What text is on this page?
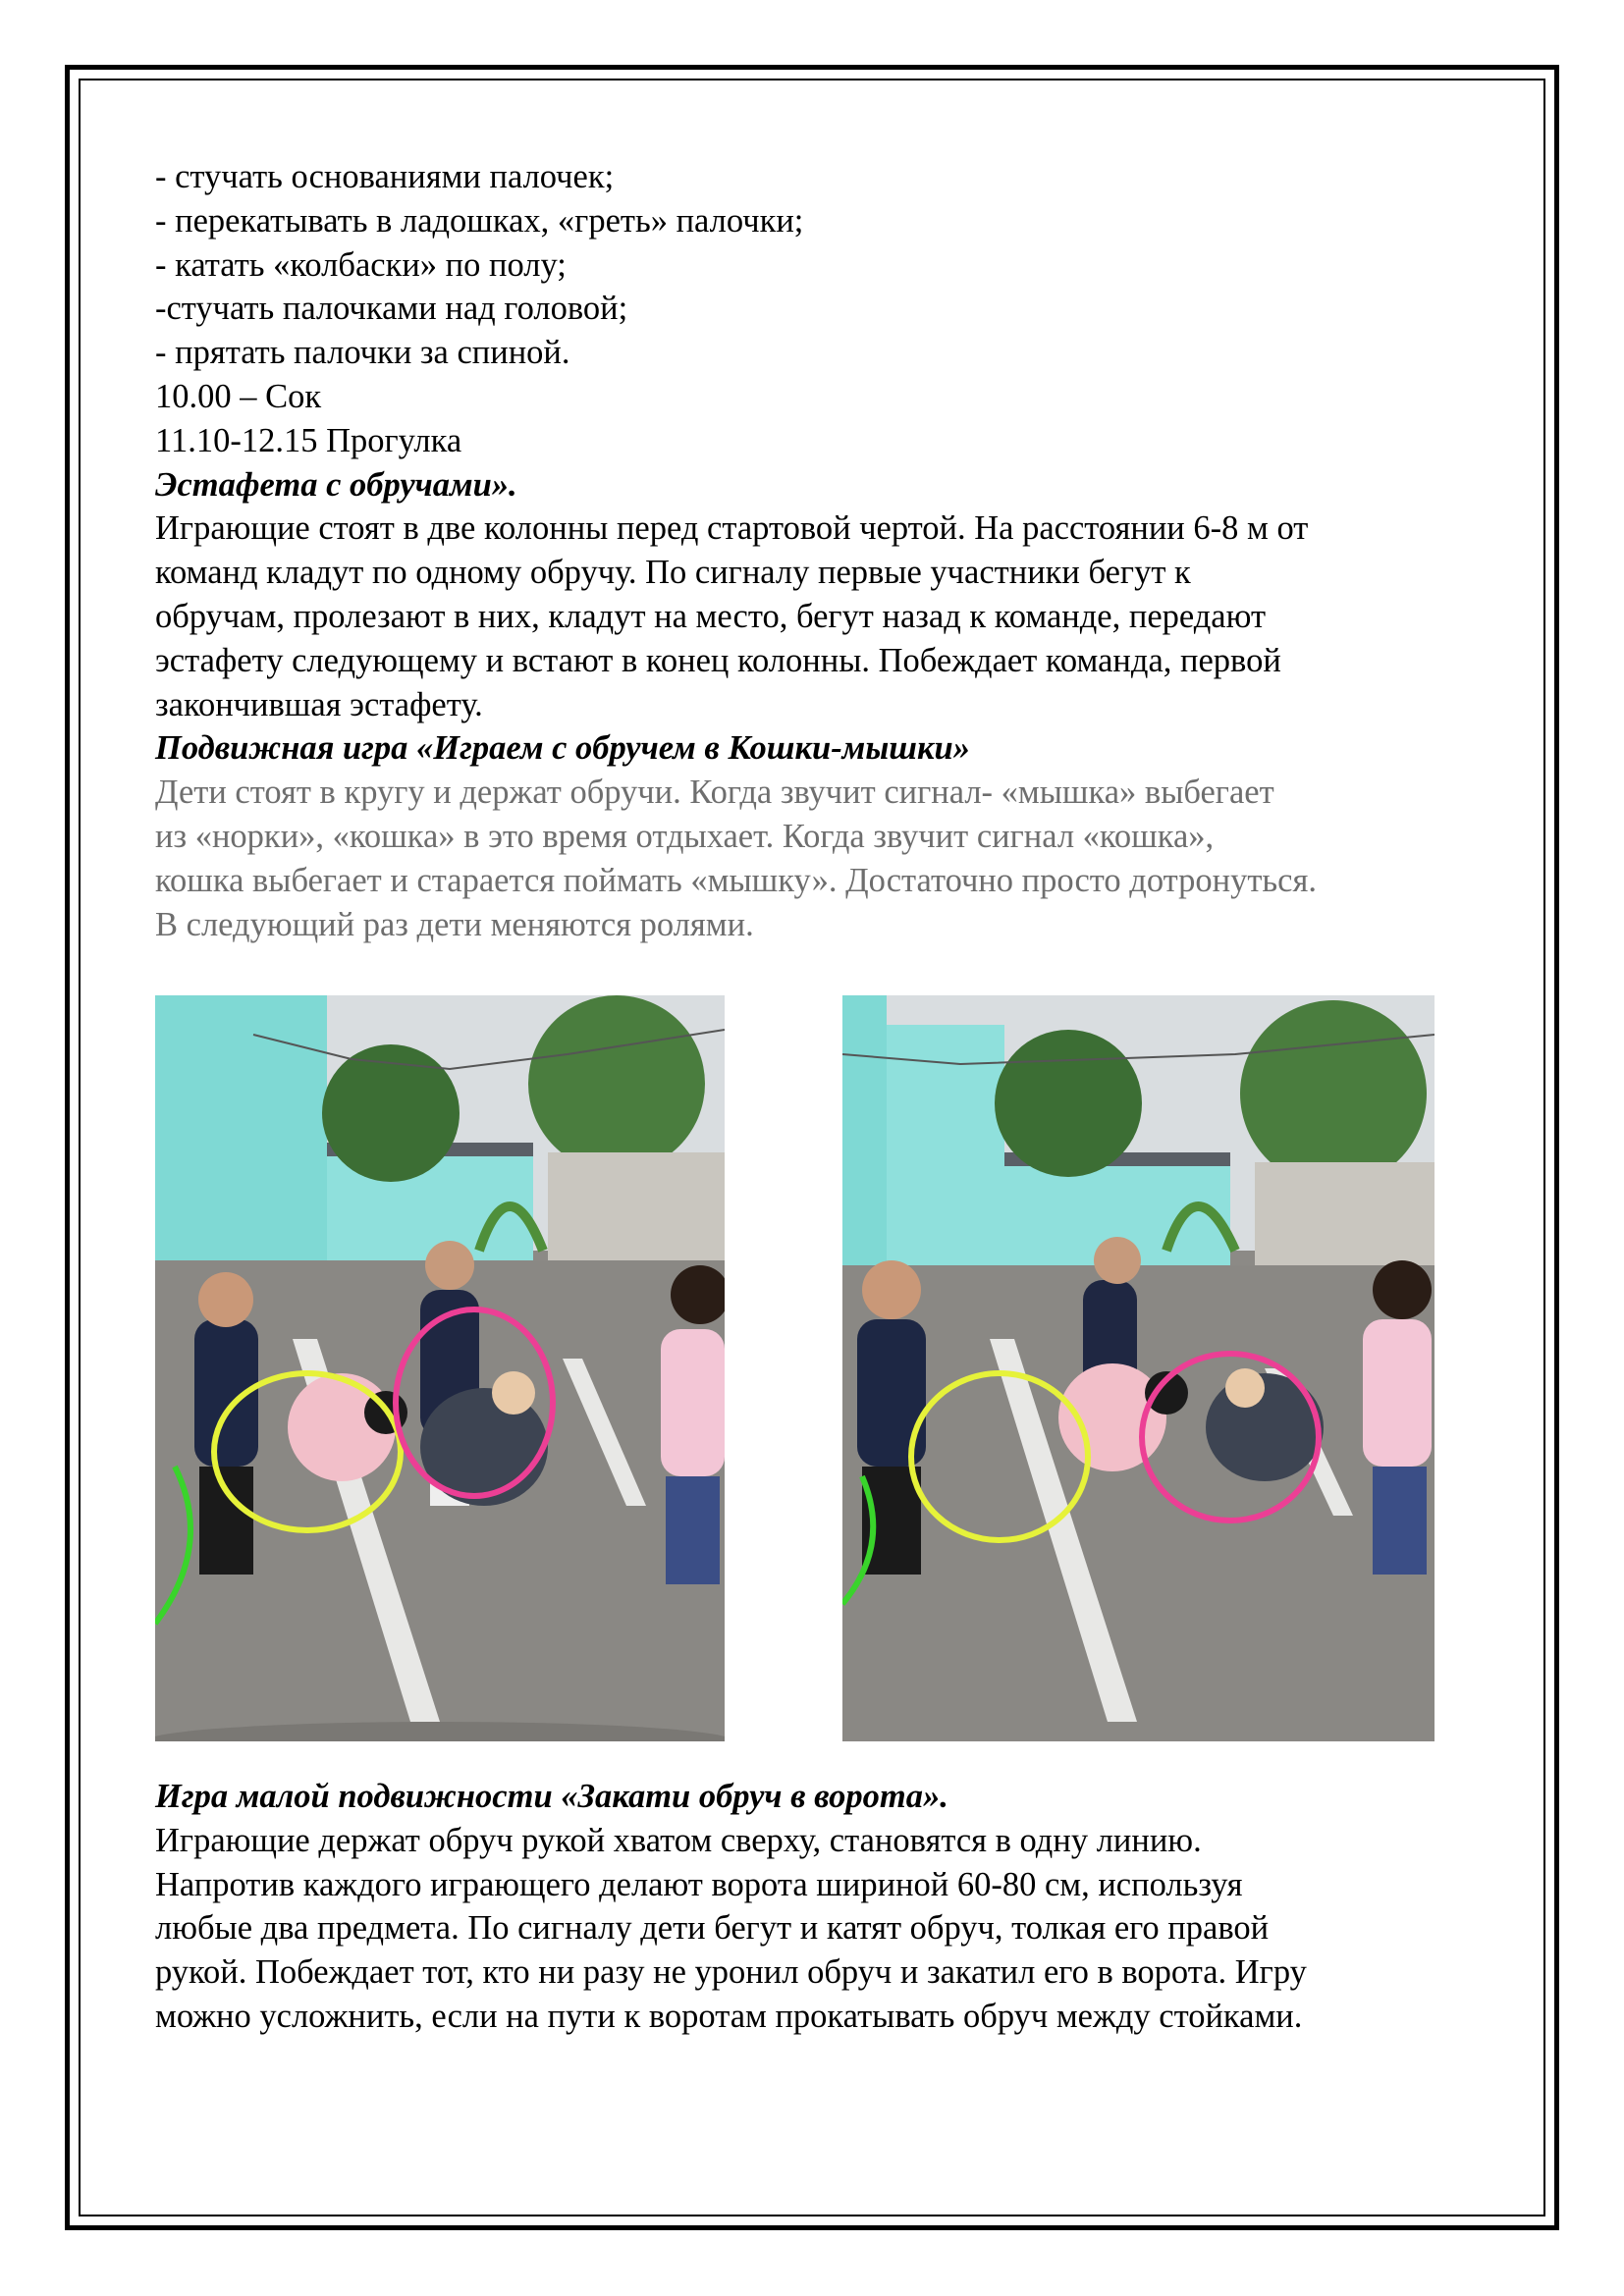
- стучать основаниями палочек;

- перекатывать в ладошках, «греть» палочки;

- катать «колбаски» по полу;

-стучать палочками над головой;

- прятать палочки за спиной.

10.00 – Сок

11.10-12.15 Прогулка

Эстафета с обручами».

Играющие стоят в две колонны перед стартовой чертой. На расстоянии 6-8 м от

команд кладут по одному обручу. По сигналу первые участники бегут к

обручам, пролезают в них, кладут на место, бегут назад к команде, передают

эстафету следующему и встают в конец колонны. Побеждает команда, первой

закончившая эстафету.

Подвижная игра «Играем с обручем в Кошки-мышки»

Дети стоят в кругу и держат обручи. Когда звучит сигнал- «мышка» выбегает

из «норки», «кошка» в это время отдыхает. Когда звучит сигнал «кошка»,

кошка выбегает и старается поймать «мышку». Достаточно просто дотронуться.

В следующий раз дети меняются ролями.

Игра малой подвижности «Закати обруч в ворота».

Играющие держат обруч рукой хватом сверху, становятся в одну линию.

Напротив каждого играющего делают ворота шириной 60-80 см, используя

любые два предмета. По сигналу дети бегут и катят обруч, толкая его правой

рукой. Побеждает тот, кто ни разу не уронил обруч и закатил его в ворота. Игру

можно усложнить, если на пути к воротам прокатывать обруч между стойками.
